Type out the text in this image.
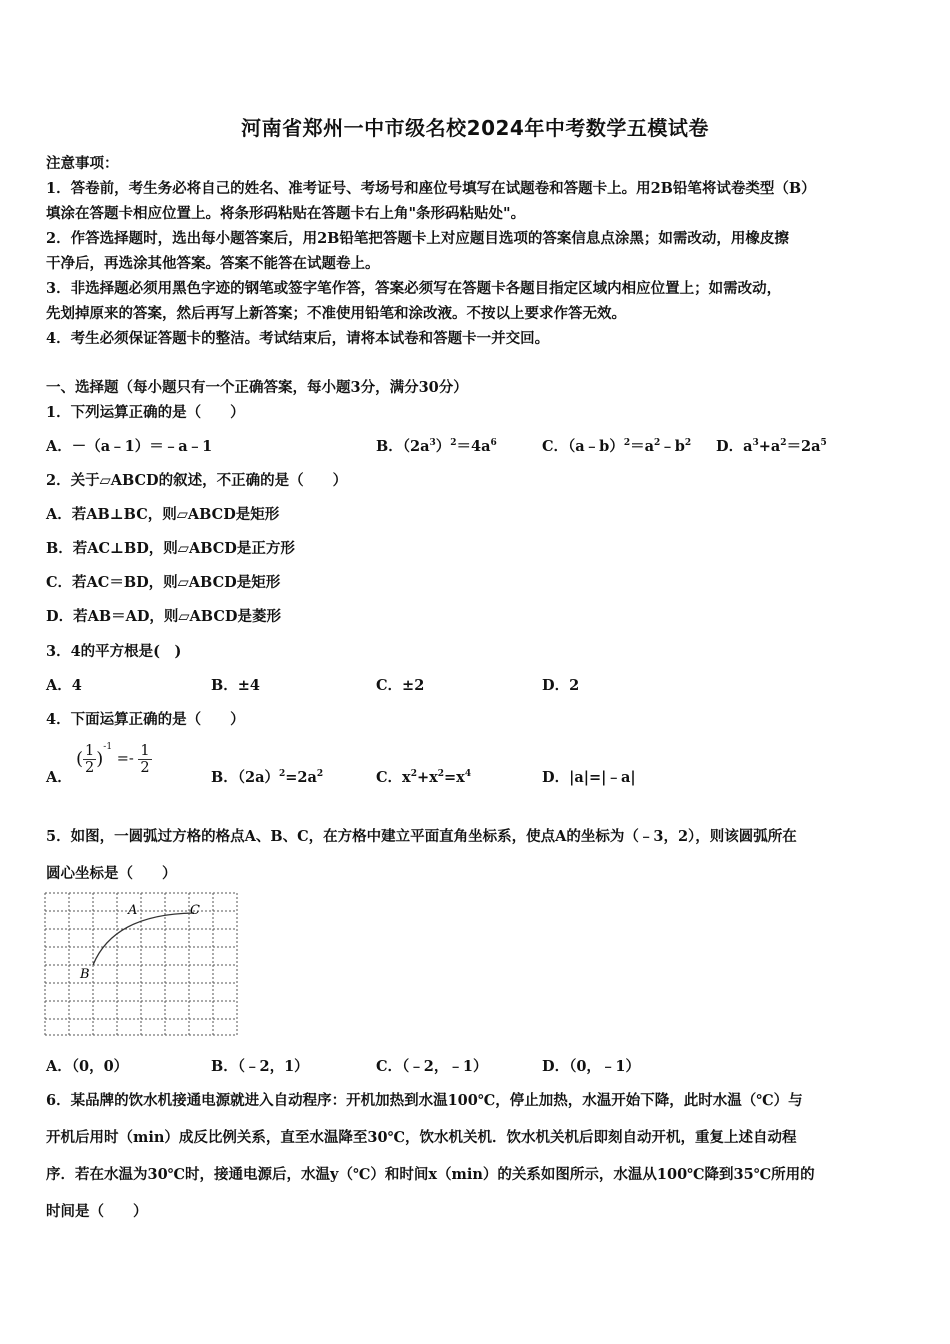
河南省郑州一中市级名校2024年中考数学五模试卷
注意事项：
1．答卷前，考生务必将自己的姓名、准考证号、考场号和座位号填写在试题卷和答题卡上。用2B铅笔将试卷类型（B）
填涂在答题卡相应位置上。将条形码粘贴在答题卡右上角"条形码粘贴处"。
2．作答选择题时，选出每小题答案后，用2B铅笔把答题卡上对应题目选项的答案信息点涂黑；如需改动，用橡皮擦
干净后，再选涂其他答案。答案不能答在试题卷上。
3．非选择题必须用黑色字迹的钢笔或签字笔作答，答案必须写在答题卡各题目指定区域内相应位置上；如需改动，
先划掉原来的答案，然后再写上新答案；不准使用铅笔和涂改液。不按以上要求作答无效。
4．考生必须保证答题卡的整洁。考试结束后，请将本试卷和答题卡一并交回。
一、选择题（每小题只有一个正确答案，每小题3分，满分30分）
1．下列运算正确的是（　　）
A．－（a﹣1）＝﹣a﹣1	B．$(2a^3)^2=4a^6$	C．$(a﹣b)^2=a^2﹣b^2$ D．$a^3+a^2=2a^5$
2．关于▱ABCD的叙述，不正确的是（　　）
A．若AB⊥BC，则▱ABCD是矩形
B．若AC⊥BD，则▱ABCD是正方形
C．若AC＝BD，则▱ABCD是矩形
D．若AB＝AD，则▱ABCD是菱形
3．4的平方根是(　)
A．4	B．±4	C．±2	D．2
4．下面运算正确的是（　　）
A．
( $\frac{1}{2} )^{-1} =- \frac{1}{2}$
B．$(2a)^2=2a^2$	C．$x^2+x^2=x^4$	D．|a|=|﹣a|
5．如图，一圆弧过方格的格点A、B、C，在方格中建立平面直角坐标系，使点A的坐标为（﹣3，2），则该圆弧所在
圆心坐标是（　　）
A
B
C
A．（0，0）	B．（﹣2，1）	C．（﹣2，﹣1）	D．（0，﹣1）
6．某品牌的饮水机接通电源就进入自动程序：开机加热到水温100℃，停止加热，水温开始下降，此时水温（℃）与
开机后用时（min）成反比例关系，直至水温降至30℃，饮水机关机．饮水机关机后即刻自动开机，重复上述自动程
序．若在水温为30℃时，接通电源后，水温y（℃）和时间x（min）的关系如图所示，水温从100℃降到35℃所用的
时间是（　　）
